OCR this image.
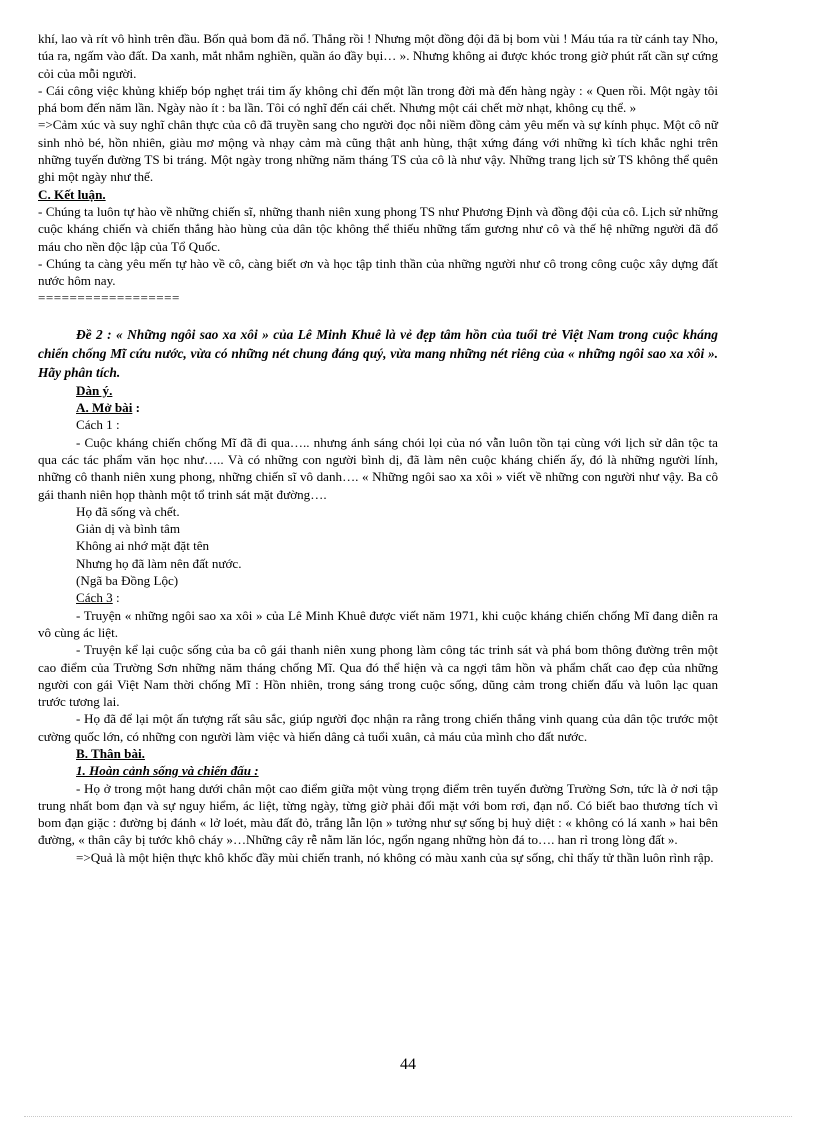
khí, lao và rít vô hình trên đầu. Bốn quả bom đã nổ. Thắng rồi ! Nhưng một đồng đội đã bị bom vùi ! Máu túa ra từ cánh tay Nho, túa ra, ngấm vào đất. Da xanh, mắt nhắm nghiền, quần áo đầy bụi… ». Nhưng không ai được khóc trong giờ phút rất cần sự cứng cỏi của mỗi người.

- Cái công việc khủng khiếp bóp nghẹt trái tim ấy không chỉ đến một lần trong đời mà đến hàng ngày : « Quen rồi. Một ngày tôi phá bom đến năm lần. Ngày nào ít : ba lần. Tôi có nghĩ đến cái chết. Nhưng một cái chết mờ nhạt, không cụ thể. »

=>Cảm xúc và suy nghĩ chân thực của cô đã truyền sang cho người đọc nỗi niềm đồng cảm yêu mến và sự kính phục. Một cô nữ sinh nhỏ bé, hồn nhiên, giàu mơ mộng và nhạy cảm mà cũng thật anh hùng, thật xứng đáng với những kì tích khắc nghi trên những tuyến đường TS bi tráng. Một ngày trong những năm tháng TS của cô là như vậy. Những trang lịch sử TS không thể quên ghi một ngày như thế.

C. Kết luận.

- Chúng ta luôn tự hào về những chiến sĩ, những thanh niên xung phong TS như Phương Định và đồng đội của cô. Lịch sử những cuộc kháng chiến và chiến thắng hào hùng của dân tộc không thể thiếu những tấm gương như cô và thế hệ những người đã đổ máu cho nền độc lập của Tổ Quốc.

- Chúng ta càng yêu mến tự hào về cô, càng biết ơn và học tập tinh thần của những người như cô trong công cuộc xây dựng đất nước hôm nay.

==================

Đề 2 : « Những ngôi sao xa xôi » của Lê Minh Khuê là vẻ đẹp tâm hồn của tuổi trẻ Việt Nam trong cuộc kháng chiến chống Mĩ cứu nước, vừa có những nét chung đáng quý, vừa mang những nét riêng của « những ngôi sao xa xôi ». Hãy phân tích.

Dàn ý.

A. Mở bài :

Cách 1 :

- Cuộc kháng chiến chống Mĩ đã đi qua….. nhưng ánh sáng chói lọi của nó vẫn luôn tồn tại cùng với lịch sử dân tộc ta qua các tác phẩm văn học như….. Và có những con người bình dị, đã làm nên cuộc kháng chiến ấy, đó là những người lính, những cô thanh niên xung phong, những chiến sĩ vô danh…. « Những ngôi sao xa xôi » viết về những con người như vậy. Ba cô gái thanh niên họp thành một tổ trinh sát mặt đường….

Họ đã sống và chết.

Giản dị và bình tâm

Không ai nhớ mặt đặt tên

Nhưng họ đã làm nên đất nước.

(Ngã ba Đồng Lộc)

Cách 3 :

- Truyện « những ngôi sao xa xôi » của Lê Minh Khuê được viết năm 1971, khi cuộc kháng chiến chống Mĩ đang diễn ra vô cùng ác liệt.

- Truyện kể lại cuộc sống của ba cô gái thanh niên xung phong làm công tác trinh sát và phá bom thông đường trên một cao điểm của Trường Sơn những năm tháng chống Mĩ. Qua đó thể hiện và ca ngợi tâm hồn và phẩm chất cao đẹp của những người con gái Việt Nam thời chống Mĩ : Hồn nhiên, trong sáng trong cuộc sống, dũng cảm trong chiến đấu và luôn lạc quan trước tương lai.

- Họ đã để lại một ấn tượng rất sâu sắc, giúp người đọc nhận ra rằng trong chiến thắng vinh quang của dân tộc trước một cường quốc lớn, có những con người làm việc và hiến dâng cả tuổi xuân, cả máu của mình cho đất nước.

B. Thân bài.

1. Hoàn cảnh sống và chiến đấu :

- Họ ở trong một hang dưới chân một cao điểm giữa một vùng trọng điểm trên tuyến đường Trường Sơn, tức là ở nơi tập trung nhất bom đạn và sự nguy hiểm, ác liệt, từng ngày, từng giờ phải đối mặt với bom rơi, đạn nổ. Có biết bao thương tích vì bom đạn giặc : đường bị đánh « lở loét, màu đất đỏ, trắng lẫn lộn » tưởng như sự sống bị huỷ diệt : « không có lá xanh » hai bên đường, « thân cây bị tước khô cháy »…Những cây rễ nằm lăn lóc, ngổn ngang những hòn đá to…. han rỉ trong lòng đất ».

=>Quả là một hiện thực khô khốc đầy mùi chiến tranh, nó không có màu xanh của sự sống, chỉ thấy tử thần luôn rình rập.

44
